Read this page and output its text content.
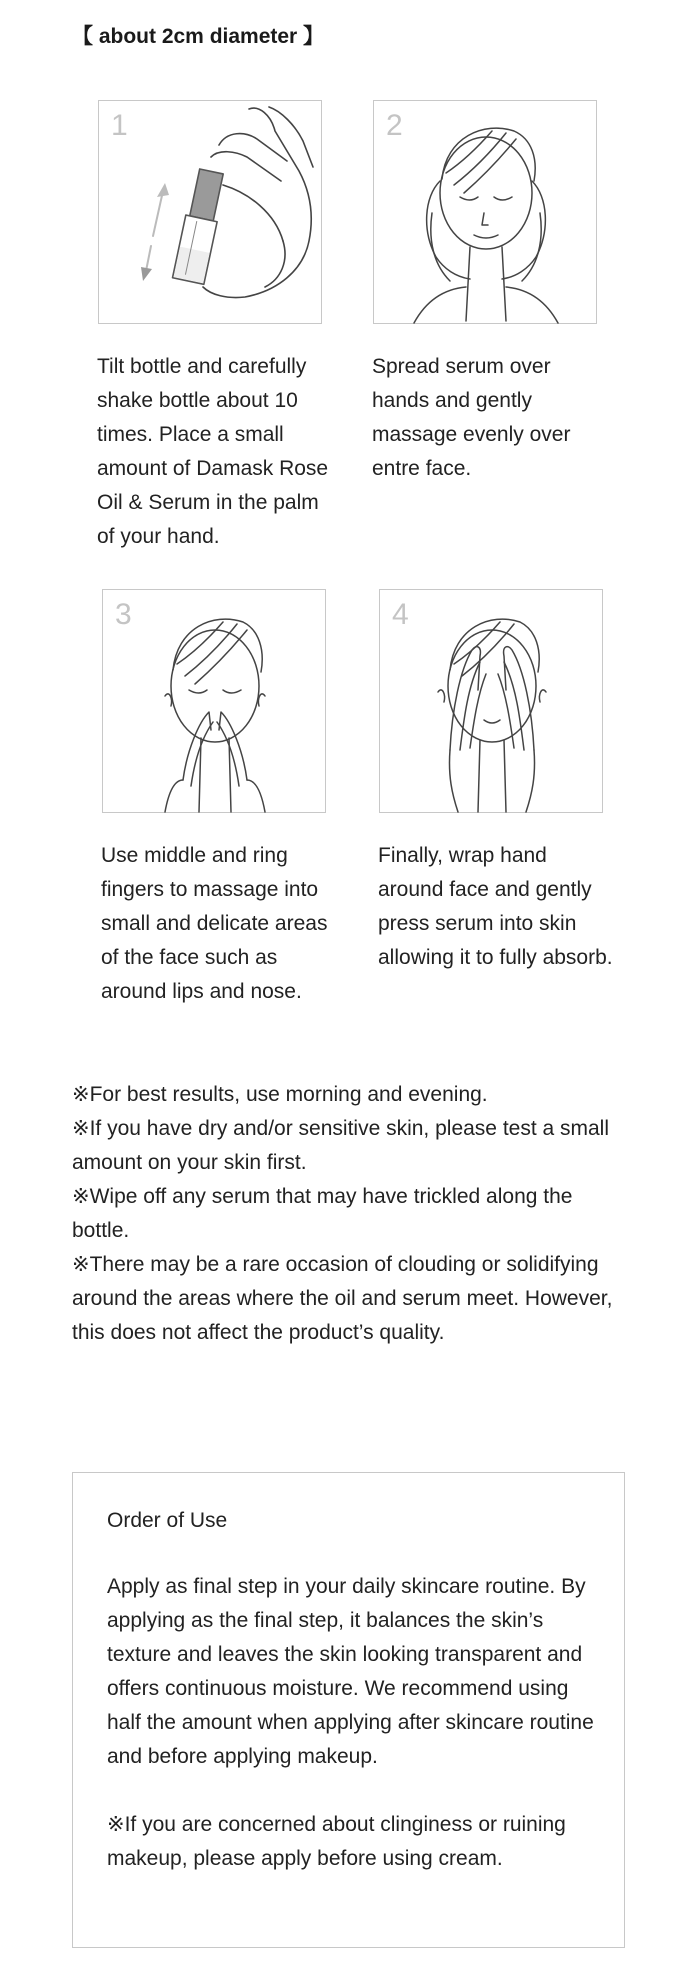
【 about 2cm diameter 】
1

Tilt bottle and carefully shake bottle about 10 times. Place a small amount of Damask Rose Oil & Serum in the palm of your hand.

2

Spread serum over hands and gently massage evenly over entre face.

3

Use middle and ring fingers to massage into small and delicate areas of the face such as around lips and nose.

4

Finally, wrap hand around face and gently press serum into skin allowing it to fully absorb.

※For best results, use morning and evening.
※If you have dry and/or sensitive skin, please test a small amount on your skin first.
※Wipe off any serum that may have trickled along the bottle.
※There may be a rare occasion of clouding or solidifying around the areas where the oil and serum meet. However, this does not affect the product’s quality.
Order of Use

Apply as final step in your daily skincare routine. By applying as the final step, it balances the skin’s texture and leaves the skin looking transparent and offers continuous moisture. We recommend using half the amount when applying after skincare routine and before applying makeup.

※If you are concerned about clinginess or ruining makeup, please apply before using cream.
